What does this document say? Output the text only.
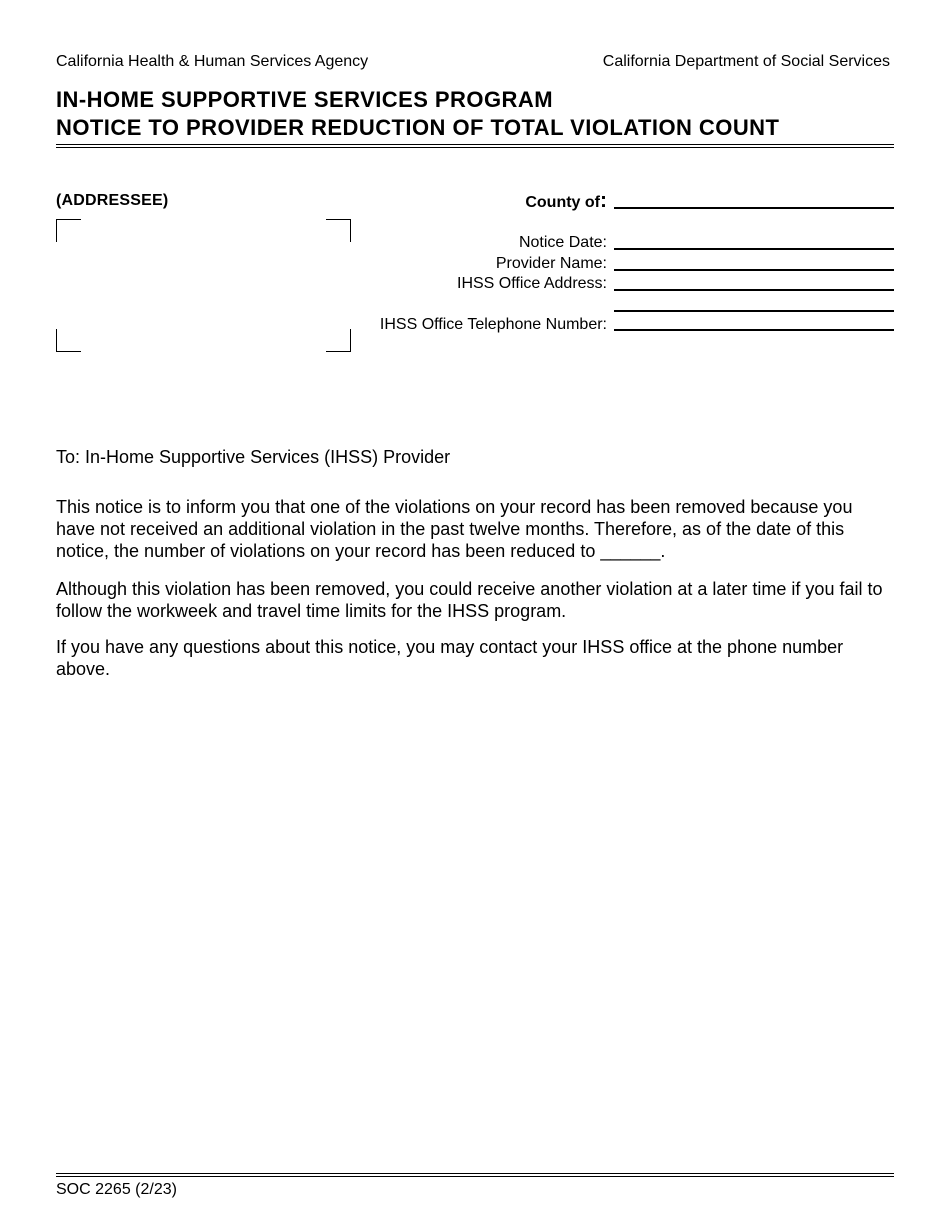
California Health & Human Services Agency	California Department of Social Services
IN-HOME SUPPORTIVE SERVICES PROGRAM
NOTICE TO PROVIDER REDUCTION OF TOTAL VIOLATION COUNT
(ADDRESSEE)	County of:
Notice Date:
Provider Name:
IHSS Office Address:
IHSS Office Telephone Number:
To: In-Home Supportive Services (IHSS) Provider
This notice is to inform you that one of the violations on your record has been removed because you have not received an additional violation in the past twelve months. Therefore, as of the date of this notice, the number of violations on your record has been reduced to ______.
Although this violation has been removed, you could receive another violation at a later time if you fail to follow the workweek and travel time limits for the IHSS program.
If you have any questions about this notice, you may contact your IHSS office at the phone number above.
SOC 2265 (2/23)
